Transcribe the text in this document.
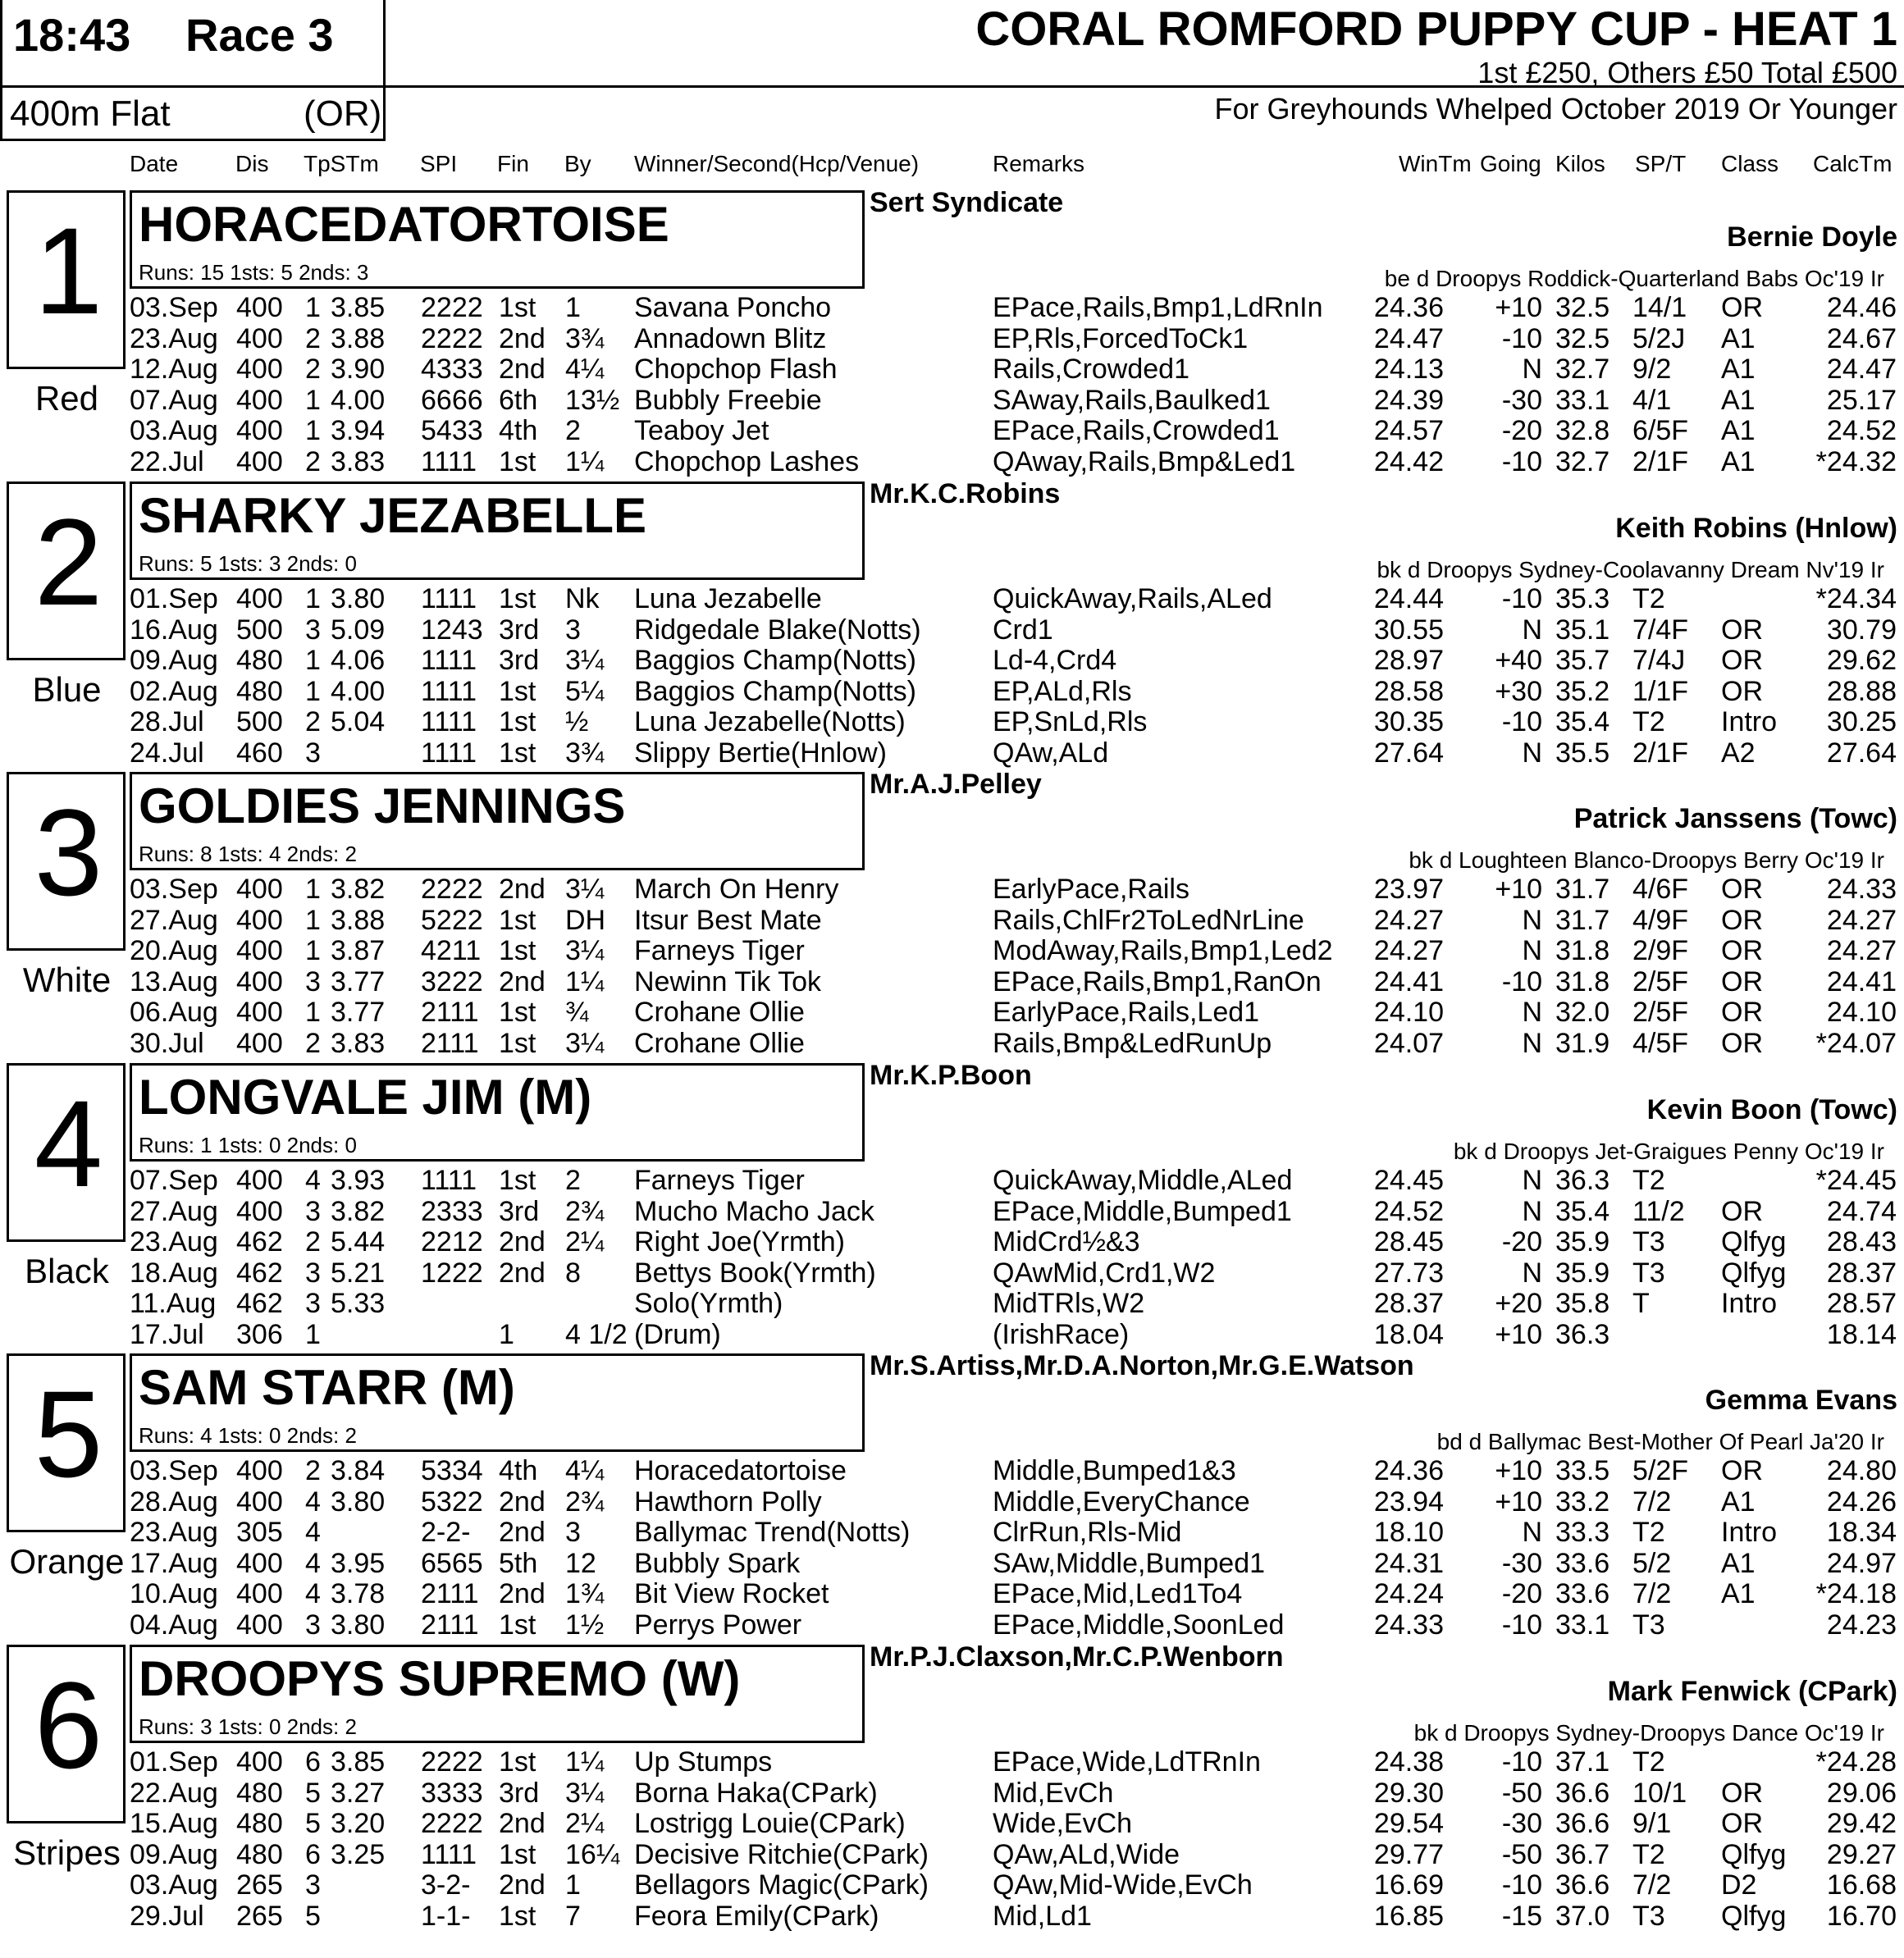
18:43 Race 3
400m Flat	(OR)
CORAL ROMFORD PUPPY CUP - HEAT 1
1st £250, Others £50 Total £500
For Greyhounds Whelped October 2019 Or Younger
Date Dis TpSTm SPI Fin By Winner/Second(Hcp/Venue)	Remarks	WinTm Going Kilos SP/T Class CalcTm
1
Red
HORACEDATORTOISE
Runs: 15 1sts: 5 2nds: 3
Sert Syndicate
Bernie Doyle
be d Droopys Roddick-Quarterland Babs Oc'19 Ir
03.Sep 400 1 3.85 2222 1st 1 Savana Poncho	EPace,Rails,Bmp1,LdRnIn 24.36 +10 32.5 14/1 OR 24.46
23.Aug 400 2 3.88 2222 2nd 3¾ Annadown Blitz	EP,Rls,ForcedToCk1	24.47 -10 32.5 5/2J A1	24.67
12.Aug 400 2 3.90 4333 2nd 4¼ Chopchop Flash	Rails,Crowded1	24.13	N 32.7 9/2 A1	24.47
07.Aug 400 1 4.00 6666 6th 13½ Bubbly Freebie	SAway,Rails,Baulked1	24.39 -30 33.1 4/1 A1	25.17
03.Aug 400 1 3.94 5433 4th 2 Teaboy Jet	EPace,Rails,Crowded1	24.57 -20 32.8 6/5F A1	24.52
22.Jul 400 2 3.83 1111 1st 1¼ Chopchop Lashes	QAway,Rails,Bmp&Led1	24.42 -10 32.7 2/1F A1 *24.32
2
Blue
SHARKY JEZABELLE
Runs: 5 1sts: 3 2nds: 0
Mr.K.C.Robins
Keith Robins (Hnlow)
bk d Droopys Sydney-Coolavanny Dream Nv'19 Ir
01.Sep 400 1 3.80 1111 1st Nk Luna Jezabelle	QuickAway,Rails,ALed	24.44 -10 35.3 T2	*24.34
16.Aug 500 3 5.09 1243 3rd 3 Ridgedale Blake(Notts)	Crd1	30.55	N 35.1 7/4F OR 30.79
09.Aug 480 1 4.06 1111 3rd 3¼ Baggios Champ(Notts)	Ld-4,Crd4	28.97 +40 35.7 7/4J OR 29.62
02.Aug 480 1 4.00 1111 1st 5¼ Baggios Champ(Notts)	EP,ALd,Rls	28.58 +30 35.2 1/1F OR 28.88
28.Jul 500 2 5.04 1111 1st ½ Luna Jezabelle(Notts)	EP,SnLd,Rls	30.35 -10 35.4 T2 Intro 30.25
24.Jul 460 3	1111 1st 3¾ Slippy Bertie(Hnlow)	QAw,ALd	27.64	N 35.5 2/1F A2	27.64
3
White
GOLDIES JENNINGS
Runs: 8 1sts: 4 2nds: 2
Mr.A.J.Pelley
Patrick Janssens (Towc)
bk d Loughteen Blanco-Droopys Berry Oc'19 Ir
03.Sep 400 1 3.82 2222 2nd 3¼ March On Henry	EarlyPace,Rails	23.97 +10 31.7 4/6F OR 24.33
27.Aug 400 1 3.88 5222 1st DH Itsur Best Mate	Rails,ChlFr2ToLedNrLine	24.27	N 31.7 4/9F OR 24.27
20.Aug 400 1 3.87 4211 1st 3¼ Farneys Tiger	ModAway,Rails,Bmp1,Led2 24.27	N 31.8 2/9F OR 24.27
13.Aug 400 3 3.77 3222 2nd 1¼ Newinn Tik Tok	EPace,Rails,Bmp1,RanOn 24.41 -10 31.8 2/5F OR 24.41
06.Aug 400 1 3.77 2111 1st ¾ Crohane Ollie	EarlyPace,Rails,Led1	24.10	N 32.0 2/5F OR 24.10
30.Jul 400 2 3.83 2111 1st 3¼ Crohane Ollie	Rails,Bmp&LedRunUp	24.07	N 31.9 4/5F OR *24.07
4
Black
LONGVALE JIM (M)
Runs: 1 1sts: 0 2nds: 0
Mr.K.P.Boon
Kevin Boon (Towc)
bk d Droopys Jet-Graigues Penny Oc'19 Ir
07.Sep 400 4 3.93 1111 1st 2 Farneys Tiger	QuickAway,Middle,ALed	24.45	N 36.3 T2	*24.45
27.Aug 400 3 3.82 2333 3rd 2¾ Mucho Macho Jack	EPace,Middle,Bumped1	24.52	N 35.4 11/2 OR 24.74
23.Aug 462 2 5.44 2212 2nd 2¼ Right Joe(Yrmth)	MidCrd½&3	28.45 -20 35.9 T3 Qlfyg 28.43
18.Aug 462 3 5.21 1222 2nd 8 Bettys Book(Yrmth)	QAwMid,Crd1,W2	27.73	N 35.9 T3 Qlfyg 28.37
11.Aug 462 3 5.33	Solo(Yrmth)	MidTRls,W2	28.37 +20 35.8 T	Intro 28.57
17.Jul 306 1	1 4 1/2 (Drum)	(IrishRace)	18.04 +10 36.3	18.14
5
Orange
SAM STARR (M)
Runs: 4 1sts: 0 2nds: 2
Mr.S.Artiss,Mr.D.A.Norton,Mr.G.E.Watson
Gemma Evans
bd d Ballymac Best-Mother Of Pearl Ja'20 Ir
03.Sep 400 2 3.84 5334 4th 4¼ Horacedatortoise	Middle,Bumped1&3	24.36 +10 33.5 5/2F OR 24.80
28.Aug 400 4 3.80 5322 2nd 2¾ Hawthorn Polly	Middle,EveryChance	23.94 +10 33.2 7/2 A1	24.26
23.Aug 305 4	2-2- 2nd 3 Ballymac Trend(Notts)	ClrRun,Rls-Mid	18.10	N 33.3 T2 Intro 18.34
17.Aug 400 4 3.95 6565 5th 12 Bubbly Spark	SAw,Middle,Bumped1	24.31 -30 33.6 5/2 A1	24.97
10.Aug 400 4 3.78 2111 2nd 1¾ Bit View Rocket	EPace,Mid,Led1To4	24.24 -20 33.6 7/2 A1 *24.18
04.Aug 400 3 3.80 2111 1st 1½ Perrys Power	EPace,Middle,SoonLed	24.33 -10 33.1 T3	24.23
6
Stripes
DROOPYS SUPREMO (W)
Runs: 3 1sts: 0 2nds: 2
Mr.P.J.Claxson,Mr.C.P.Wenborn
Mark Fenwick (CPark)
bk d Droopys Sydney-Droopys Dance Oc'19 Ir
01.Sep 400 6 3.85 2222 1st 1¼ Up Stumps	EPace,Wide,LdTRnIn	24.38 -10 37.1 T2	*24.28
22.Aug 480 5 3.27 3333 3rd 3¼ Borna Haka(CPark)	Mid,EvCh	29.30 -50 36.6 10/1 OR 29.06
15.Aug 480 5 3.20 2222 2nd 2¼ Lostrigg Louie(CPark)	Wide,EvCh	29.54 -30 36.6 9/1 OR 29.42
09.Aug 480 6 3.25 1111 1st 16¼ Decisive Ritchie(CPark) QAw,ALd,Wide	29.77 -50 36.7 T2 Qlfyg 29.27
03.Aug 265 3	3-2- 2nd 1 Bellagors Magic(CPark) QAw,Mid-Wide,EvCh	16.69 -10 36.6 7/2 D2	16.68
29.Jul 265 5	1-1- 1st 7 Feora Emily(CPark)	Mid,Ld1	16.85 -15 37.0 T3 Qlfyg 16.70
